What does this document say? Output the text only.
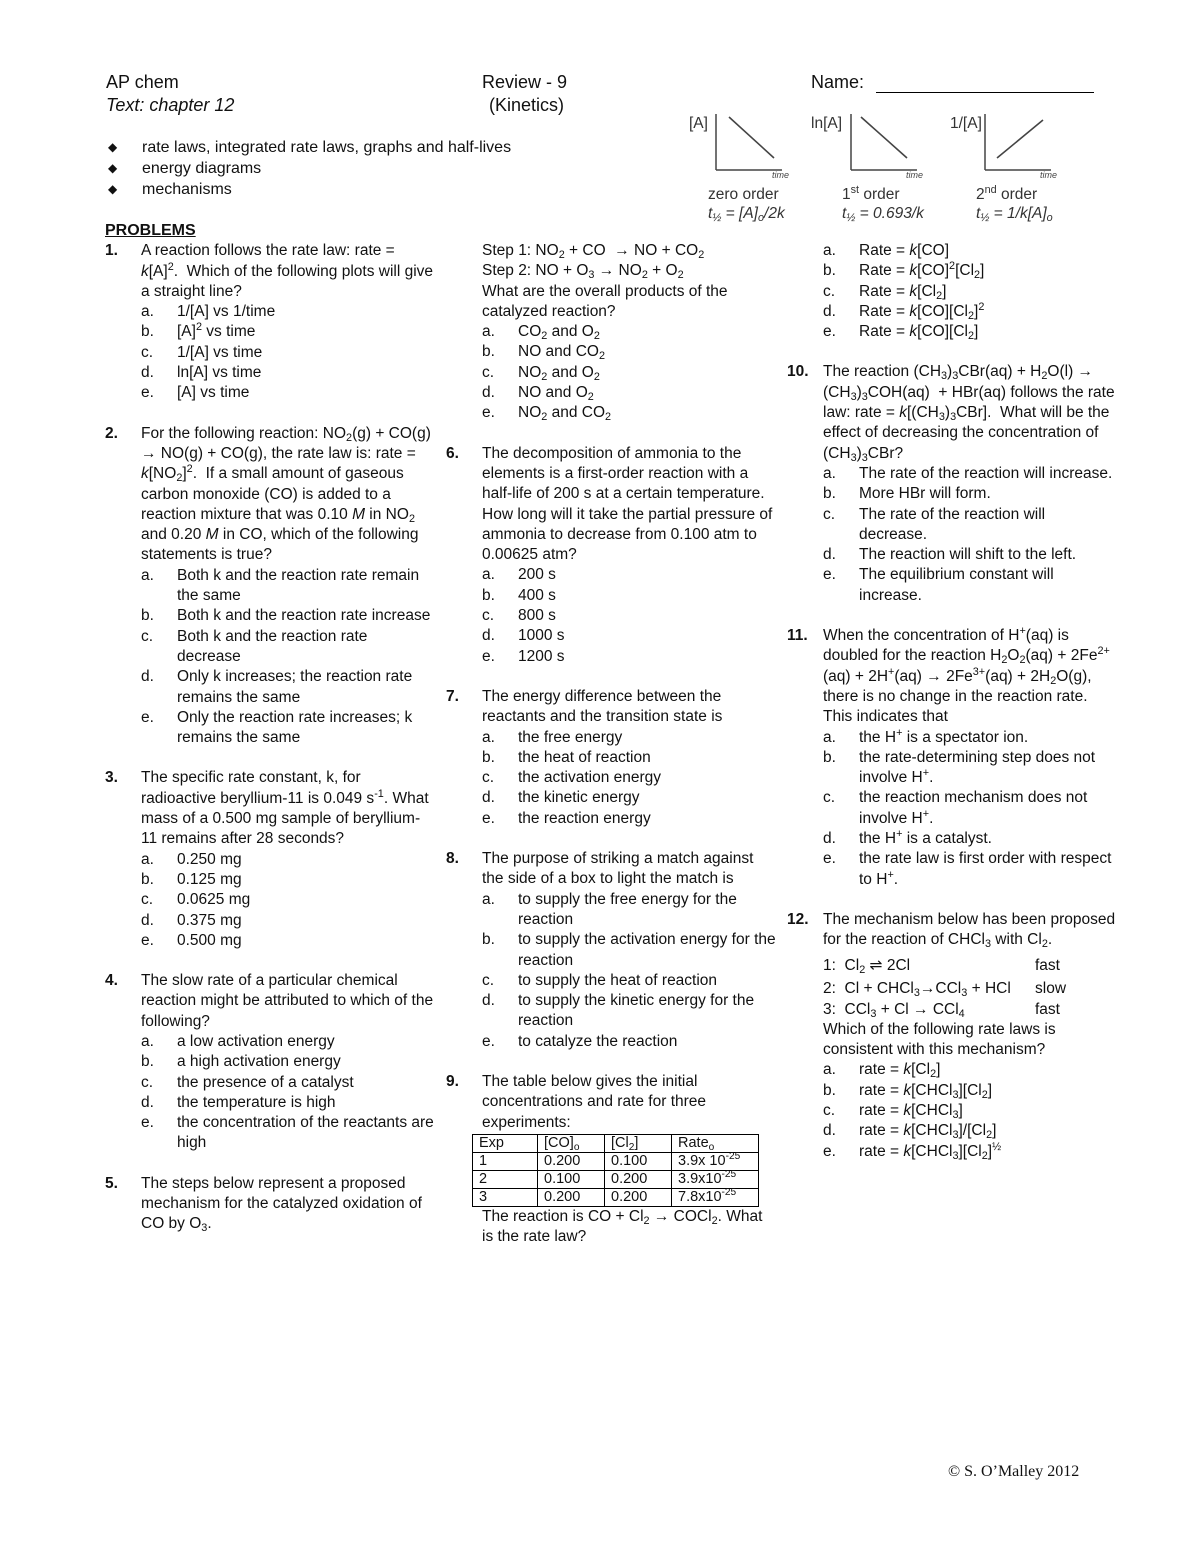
AP chem
Text: chapter 12
Review - 9
(Kinetics)
Name:
◆ rate laws, integrated rate laws, graphs and half-lives
◆ energy diagrams
◆ mechanisms
[A]
time
zero order
$t_{\frac{1}{2}} = [A]_o/2k$
ln[A]
time
1st order
$t_{\frac{1}{2}} = 0.693/k$
1/[A]
time
2nd order
$t_{\frac{1}{2}} = 1/k[A]_o$
PROBLEMS
1. A reaction follows the rate law: rate = $k[A]^2$.  Which of the following plots will give a straight line?
a. 1/[A] vs 1/time
b. $[A]^2$ vs time
c. 1/[A] vs time
d. ln[A] vs time
e. [A] vs time
2. For the following reaction: $NO_2(g) + CO(g) \to NO(g) + CO(g)$, the rate law is: rate = $k[NO_2]^2$.  If a small amount of gaseous carbon monoxide (CO) is added to a reaction mixture that was 0.10 M in $NO_2$ and 0.20 M in CO, which of the following statements is true?
a. Both k and the reaction rate remain the same
b. Both k and the reaction rate increase
c. Both k and the reaction rate decrease
d. Only k increases; the reaction rate remains the same
e. Only the reaction rate increases; k remains the same
3. The specific rate constant, k, for radioactive beryllium-11 is 0.049 $s^{-1}$. What mass of a 0.500 mg sample of beryllium-11 remains after 28 seconds?
a. 0.250 mg
b. 0.125 mg
c. 0.0625 mg
d. 0.375 mg
e. 0.500 mg
4. The slow rate of a particular chemical reaction might be attributed to which of the following?
a. a low activation energy
b. a high activation energy
c. the presence of a catalyst
d. the temperature is high
e. the concentration of the reactants are high
5. The steps below represent a proposed mechanism for the catalyzed oxidation of CO by $O_3$.
Step 1: $NO_2$ + CO  → NO + $CO_2$
Step 2: NO + $O_3 \to NO_2 + O_2$
What are the overall products of the catalyzed reaction?
a. $CO_2$ and $O_2$
b. NO and $CO_2$
c. $NO_2$ and $O_2$
d. NO and $O_2$
e. $NO_2$ and $CO_2$
6. The decomposition of ammonia to the elements is a first-order reaction with a half-life of 200 s at a certain temperature. How long will it take the partial pressure of ammonia to decrease from 0.100 atm to 0.00625 atm?
a. 200 s
b. 400 s
c. 800 s
d. 1000 s
e. 1200 s
7. The energy difference between the reactants and the transition state is
a. the free energy
b. the heat of reaction
c. the activation energy
d. the kinetic energy
e. the reaction energy
8. The purpose of striking a match against the side of a box to light the match is
a. to supply the free energy for the reaction
b. to supply the activation energy for the reaction
c. to supply the heat of reaction
d. to supply the kinetic energy for the reaction
e. to catalyze the reaction
9. The table below gives the initial concentrations and rate for three experiments:
Exp	$[CO]_o$	$[Cl_2]$	Rate$_o$
1	0.200	0.100	3.9x $10^{-25}$
2	0.100	0.200	$3.9x10^{-25}$
3	0.200	0.200	$7.8x10^{-25}$
The reaction is CO + $Cl_2$ → COCl$_2$. What is the rate law?
a. Rate = k[CO]
b. Rate = $k[CO]^2[Cl_2]$
c. Rate = $k[Cl_2]$
d. Rate = $k[CO][Cl_2]^2$
e. Rate = $k[CO][Cl_2]$
10. The reaction $(CH_3)_3CBr(aq) + H_2O(l) \to (CH_3)_3COH(aq) + HBr(aq)$ follows the rate law: rate = $k[(CH_3)_3CBr]$.  What will be the effect of decreasing the concentration of $(CH_3)_3CBr$?
a. The rate of the reaction will increase.
b. More HBr will form.
c. The rate of the reaction will decrease.
d. The reaction will shift to the left.
e. The equilibrium constant will increase.
11. When the concentration of H+(aq) is doubled for the reaction $H_2O_2(aq) + 2Fe^{2+}(aq) + 2H^+(aq) \to 2Fe^{3+}(aq) + 2H_2O(g)$, there is no change in the reaction rate.  This indicates that
a. the H+ is a spectator ion.
b. the rate-determining step does not involve H+.
c. the reaction mechanism does not involve H+.
d. the H+ is a catalyst.
e. the rate law is first order with respect to H+.
12. The mechanism below has been proposed for the reaction of CHCl$_3$ with $Cl_2$.
1:  $Cl_2$ ⇌ 2Cl	fast
2:  Cl + CHCl$_3$→CCl$_3$ + HCl	slow
3:  CCl$_3$ + Cl → CCl$_4$	fast
Which of the following rate laws is consistent with this mechanism?
a. rate = $k[Cl_2]$
b. rate = $k[CHCl_3][Cl_2]$
c. rate = k[CHCl$_3$]
d. rate = $k[CHCl_3]/[Cl_2]$
e. rate = $k[CHCl_3][Cl_2]^{\frac{1}{2}}$
© S. O’Malley 2012
